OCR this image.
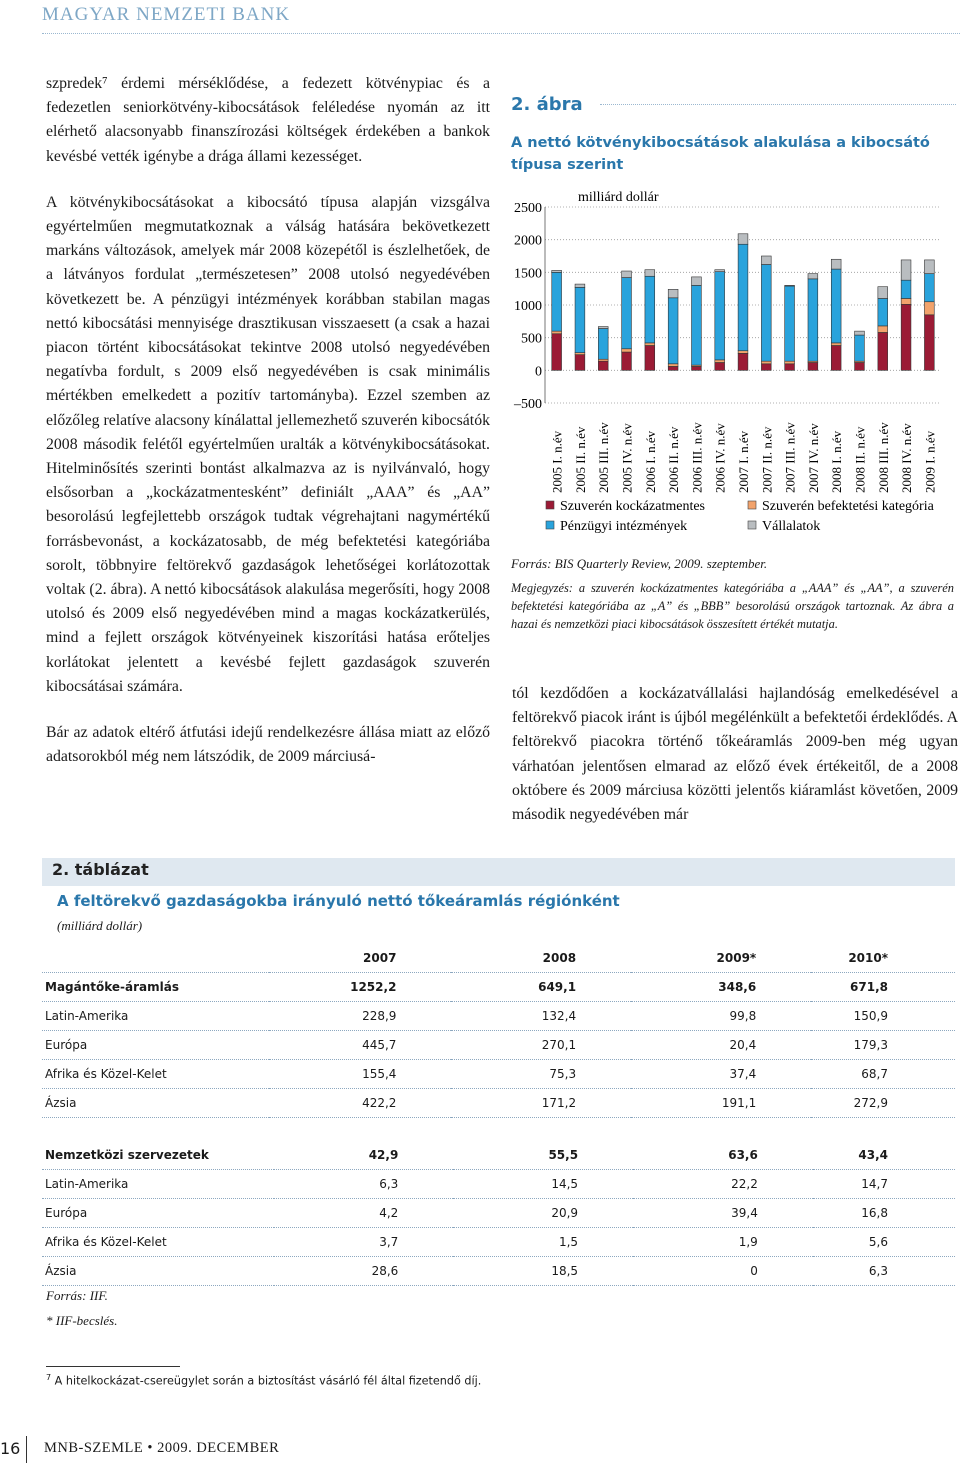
MAGYAR NEMZETI BANK

szpredek⁷ érdemi mérséklődése, a fedezett kötvénypiac és a fedezetlen seniorkötvény-kibocsátások feléledése nyomán az itt elérhető alacsonyabb finanszírozási költségek érdekében a bankok kevésbé vették igénybe a drága állami kezességet.

A kötvénykibocsátásokat a kibocsátó típusa alapján vizsgálva egyértelműen megmutatkoznak a válság hatására bekövetkezett markáns változások, amelyek már 2008 közepétől is észlelhetőek, de a látványos fordulat „természetesen” 2008 utolsó negyedévében következett be. A pénzügyi intézmények korábban stabilan magas nettó kibocsátási mennyisége drasztikusan visszaesett (a csak a hazai piacon történt kibocsátásokat tekintve 2008 utolsó negyedévében negatívba fordult, s 2009 első negyedévében is csak minimális mértékben emelkedett a pozitív tartományba). Ezzel szemben az előzőleg relatíve alacsony kínálattal jellemezhető szuverén kibocsátók 2008 második felétől egyértelműen uralták a kötvénykibocsátásokat. Hitelminősítés szerinti bontást alkalmazva az is nyilvánvaló, hogy elsősorban a „kockázatmentesként” definiált „AAA” és „AA” besorolású legfejlettebb országok tudtak végrehajtani nagymértékű forrásbevonást, a kockázatosabb, de még befektetési kategóriába sorolt, többnyire feltörekvő gazdaságok lehetőségei korlátozottak voltak (2. ábra). A nettó kibocsátások alakulása megerősíti, hogy 2008 utolsó és 2009 első negyedévében mind a magas kockázatkerülés, mind a fejlett országok kötvényeinek kiszorítási hatása erőteljes korlátokat jelentett a kevésbé fejlett gazdaságok szuverén kibocsátásai számára.

Bár az adatok eltérő átfutási idejű rendelkezésre állása miatt az előző adatsorokból még nem látszódik, de 2009 márciusá-

2. ábra
A nettó kötvénykibocsátások alakulása a kibocsátó típusa szerint
milliárd dollár
2500
2000
1500
1000
500
0
–500
2005 I. n.év 2005 II. n.év 2005 III. n.év 2005 IV. n.év 2006 I. n.év 2006 II. n.év 2006 III. n.év 2006 IV. n.év 2007 I. n.év 2007 II. n.év 2007 III. n.év 2007 IV. n.év 2008 I. n.év 2008 II. n.év 2008 III. n.év 2008 IV. n.év 2009 I. n.év
Szuverén kockázatmentes	Szuverén befektetési kategória
Pénzügyi intézmények	Vállalatok
Forrás: BIS Quarterly Review, 2009. szeptember.
Megjegyzés: a szuverén kockázatmentes kategóriába a „AAA” és „AA”, a szuverén befektetési kategóriába az „A” és „BBB” besorolású országok tartoznak. Az ábra a hazai és nemzetközi piaci kibocsátások összesített értékét mutatja.

tól kezdődően a kockázatvállalási hajlandóság emelkedésével a feltörekvő piacok iránt is újból megélénkült a befektetői érdeklődés. A feltörekvő piacokra történő tőkeáramlás 2009-ben még ugyan várhatóan jelentősen elmarad az előző évek értékeitől, de a 2008 októbere és 2009 márciusa közötti jelentős kiáramlást követően, 2009 második negyedévében már

2. táblázat
A feltörekvő gazdaságokba irányuló nettó tőkeáramlás régiónként
(milliárd dollár)
	2007	2008	2009*	2010*
Magántőke-áramlás	1252,2	649,1	348,6	671,8
Latin-Amerika	228,9	132,4	99,8	150,9
Európa	445,7	270,1	20,4	179,3
Afrika és Közel-Kelet	155,4	75,3	37,4	68,7
Ázsia	422,2	171,2	191,1	272,9
Nemzetközi szervezetek	42,9	55,5	63,6	43,4
Latin-Amerika	6,3	14,5	22,2	14,7
Európa	4,2	20,9	39,4	16,8
Afrika és Közel-Kelet	3,7	1,5	1,9	5,6
Ázsia	28,6	18,5	0	6,3
Forrás: IIF.
* IIF-becslés.
$^7$ A hitelkockázat-csereügylet során a biztosítást vásárló fél által fizetendő díj.
16 MNB-SZEMLE • 2009. DECEMBER
